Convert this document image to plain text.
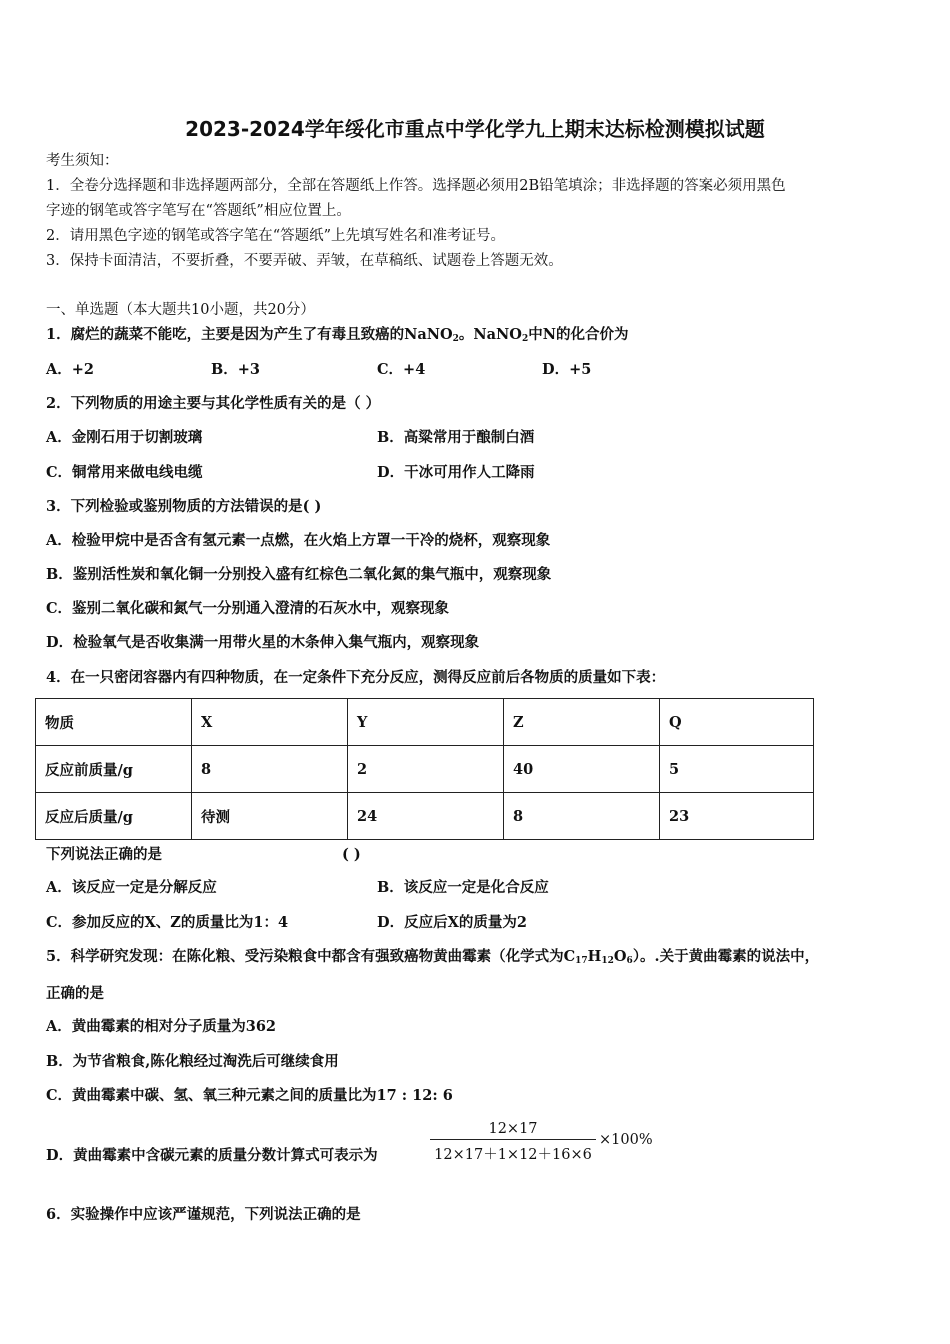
2023-2024学年绥化市重点中学化学九上期末达标检测模拟试题
考生须知：
1．全卷分选择题和非选择题两部分，全部在答题纸上作答。选择题必须用2B铅笔填涂；非选择题的答案必须用黑色
字迹的钢笔或答字笔写在“答题纸”相应位置上。
2．请用黑色字迹的钢笔或答字笔在“答题纸”上先填写姓名和准考证号。
3．保持卡面清洁，不要折叠，不要弄破、弄皱，在草稿纸、试题卷上答题无效。
一、单选题（本大题共10小题，共20分）
1．腐烂的蔬菜不能吃，主要是因为产生了有毒且致癌的NaNO$_2$。NaNO$_2$中N的化合价为
A．+2	B．+3	C．+4	D．+5
2．下列物质的用途主要与其化学性质有关的是（ ）
A．金刚石用于切割玻璃	B．高粱常用于酿制白酒
C．铜常用来做电线电缆	D．干冰可用作人工降雨
3．下列检验或鉴别物质的方法错误的是( )
A．检验甲烷中是否含有氢元素一点燃，在火焰上方罩一干冷的烧杯，观察现象
B．鉴别活性炭和氧化铜一分别投入盛有红棕色二氧化氮的集气瓶中，观察现象
C．鉴别二氧化碳和氮气一分别通入澄清的石灰水中，观察现象
D．检验氧气是否收集满一用带火星的木条伸入集气瓶内，观察现象
4．在一只密闭容器内有四种物质，在一定条件下充分反应，测得反应前后各物质的质量如下表：
物质	X	Y	Z	Q
反应前质量/g	8	2	40	5
反应后质量/g	待测	24	8	23
下列说法正确的是	( )
A．该反应一定是分解反应	B．该反应一定是化合反应
C．参加反应的X、Z的质量比为1：4	D．反应后X的质量为2
5．科学研究发现：在陈化粮、受污染粮食中都含有强致癌物黄曲霉素（化学式为$C_{17}H_{12}O_6$）。.关于黄曲霉素的说法中，
正确的是
A．黄曲霉素的相对分子质量为362
B．为节省粮食,陈化粮经过淘洗后可继续食用
C．黄曲霉素中碳、氢、氧三种元素之间的质量比为17 : 12: 6
D．黄曲霉素中含碳元素的质量分数计算式可表示为
12×17
12×17＋1×12＋16×6
×100%
6．实验操作中应该严谨规范，下列说法正确的是
